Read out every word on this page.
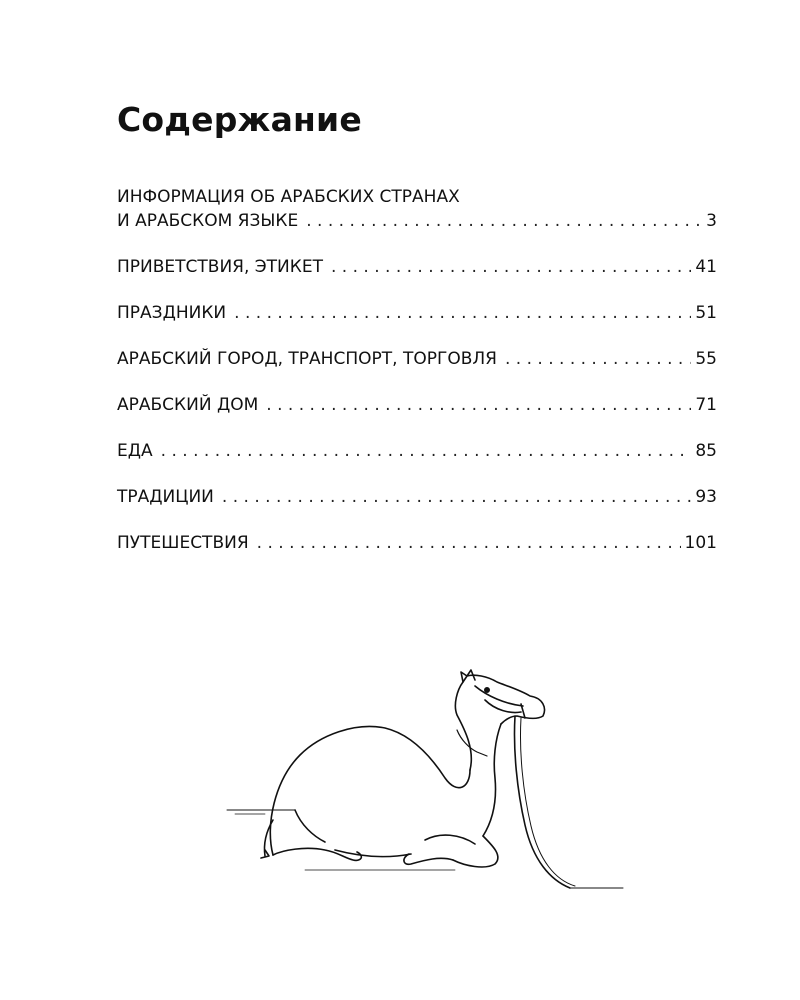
Содержание
ИНФОРМАЦИЯ ОБ АРАБСКИХ СТРАНАХ
И АРАБСКОМ ЯЗЫКЕ . . .	3
ПРИВЕТСТВИЯ, ЭТИКЕТ . . .	41
ПРАЗДНИКИ . . .	51
АРАБСКИЙ ГОРОД, ТРАНСПОРТ, ТОРГОВЛЯ . . .	55
АРАБСКИЙ ДОМ . . .	71
ЕДА . . .	85
ТРАДИЦИИ . . .	93
ПУТЕШЕСТВИЯ . . .	101
